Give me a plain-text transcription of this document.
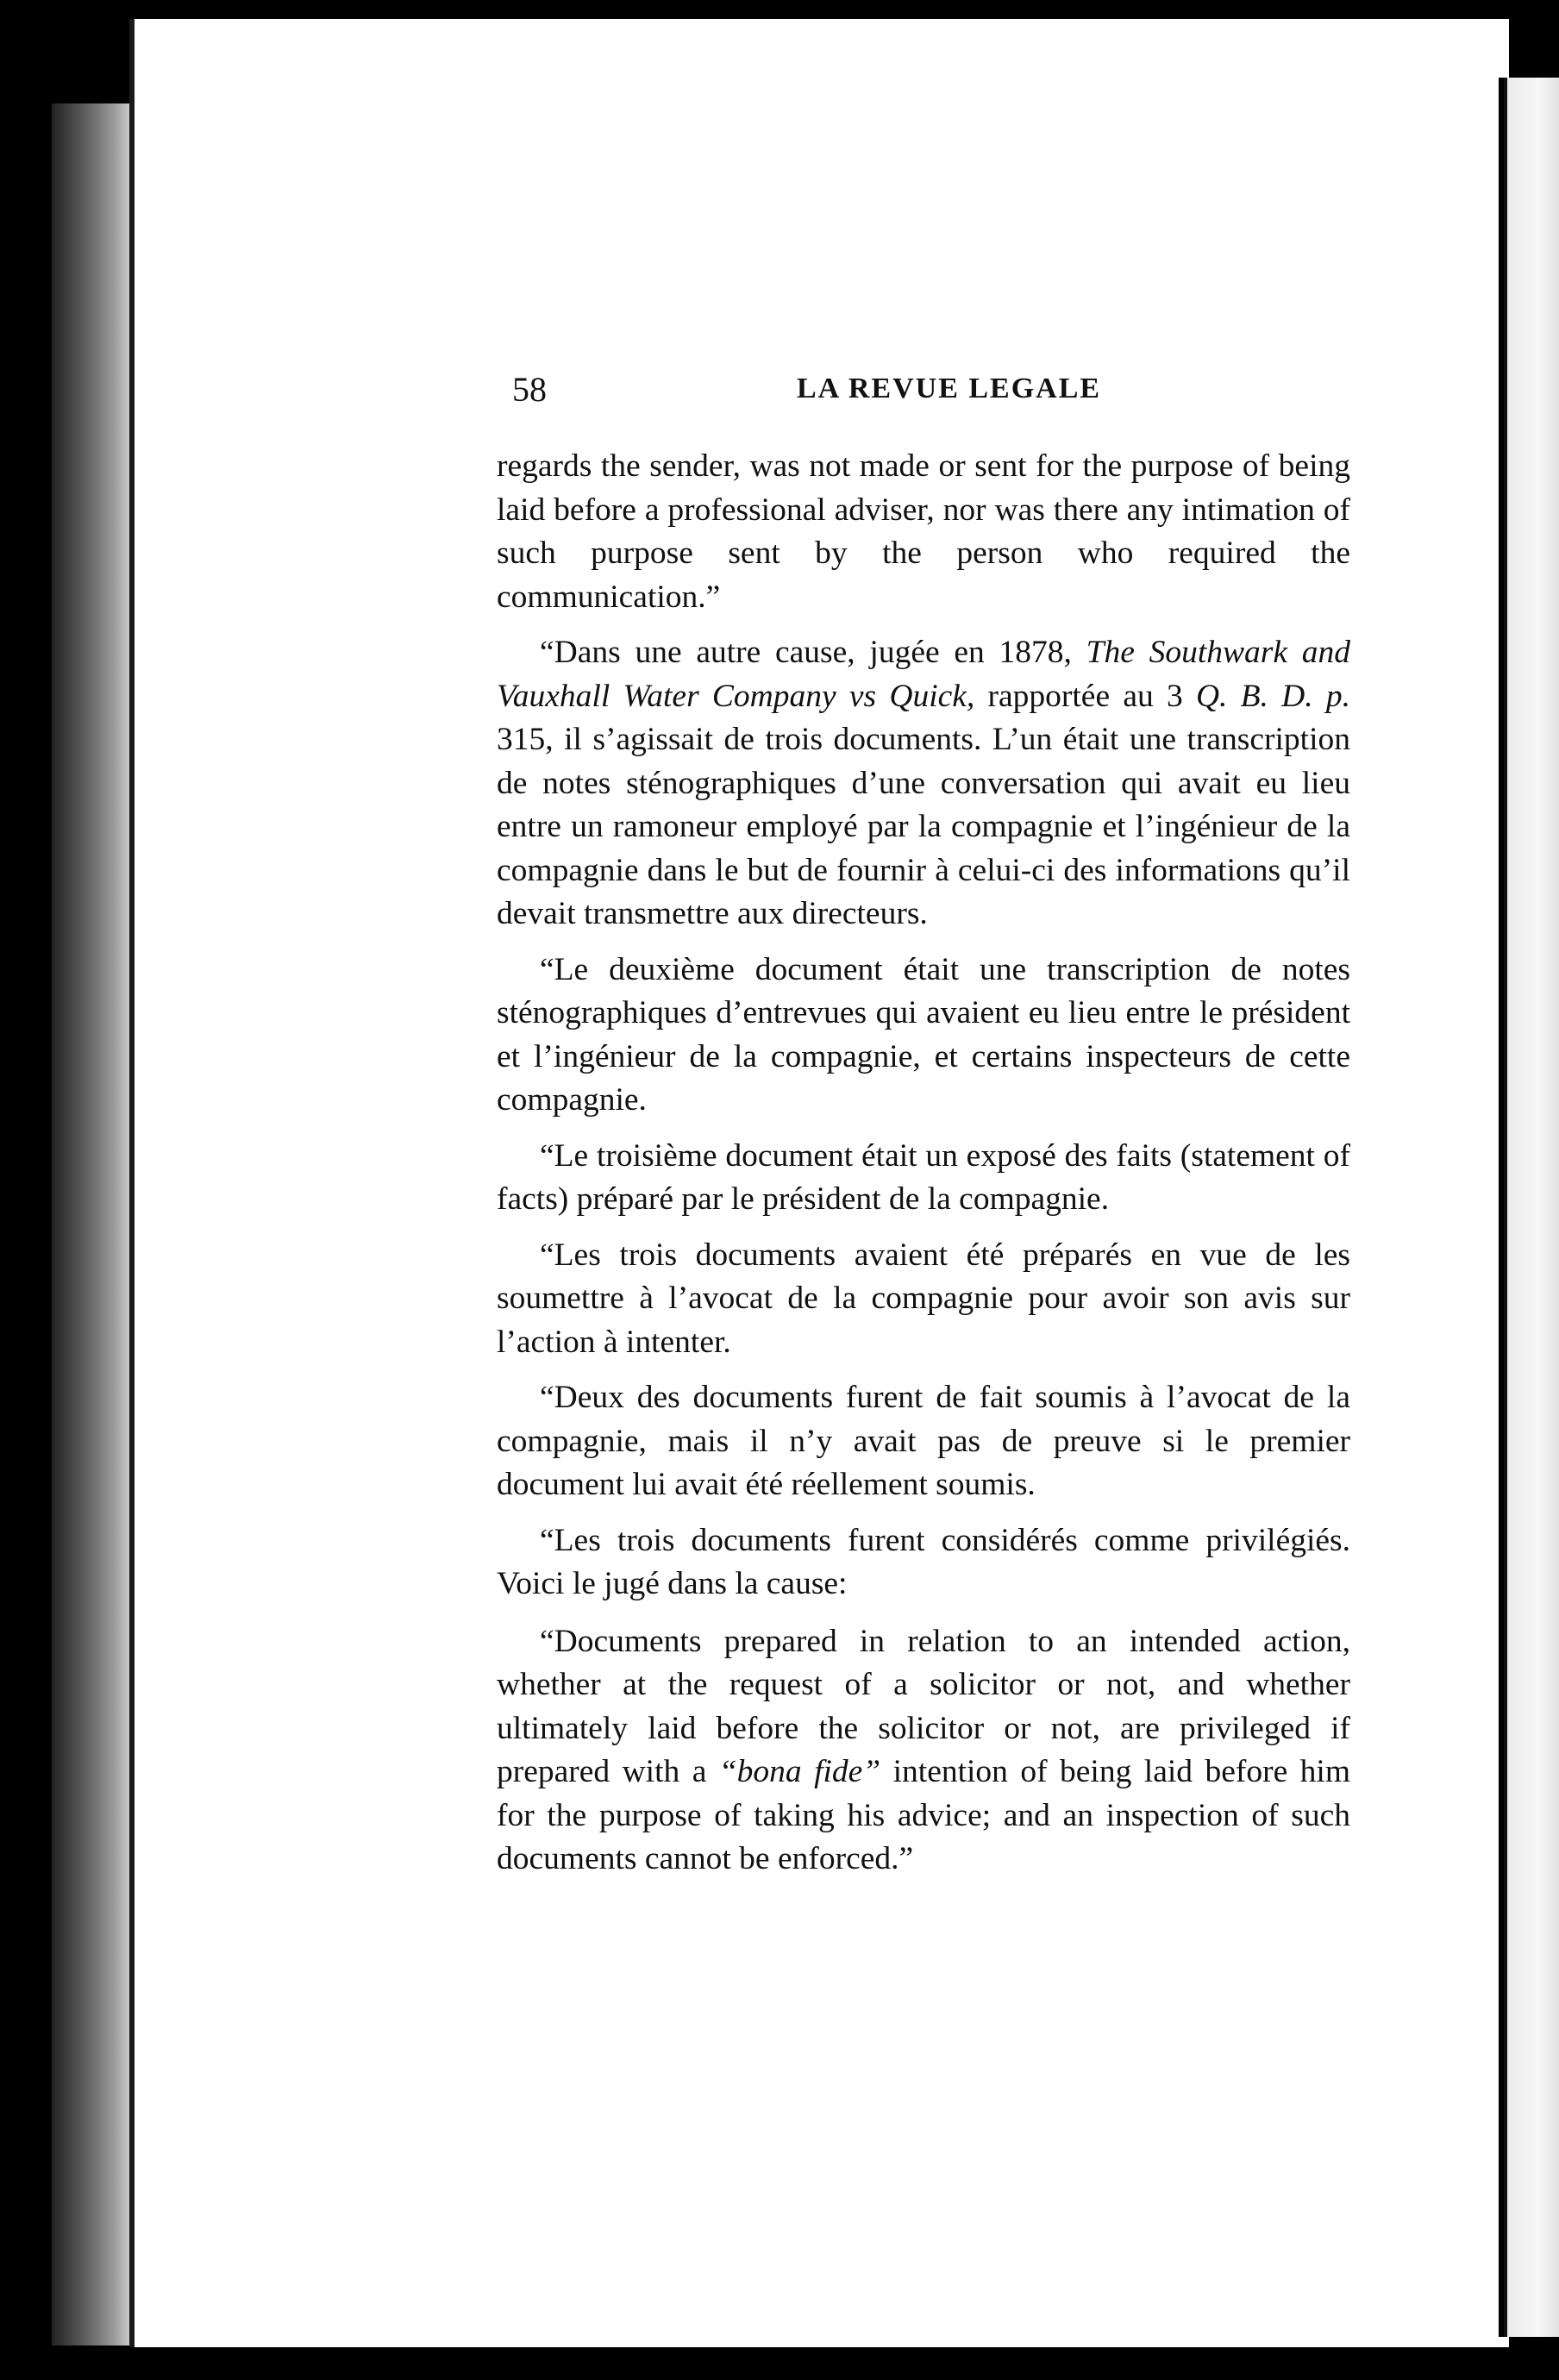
58	LA REVUE LEGALE

regards the sender, was not made or sent for the purpose of being laid before a professional adviser, nor was there any intimation of such purpose sent by the person who required the communication.”

“Dans une autre cause, jugée en 1878, The Southwark and Vauxhall Water Company vs Quick, rapportée au 3 Q. B. D. p. 315, il s’agissait de trois documents. L’un était une transcription de notes sténographiques d’une conversation qui avait eu lieu entre un ramoneur employé par la compagnie et l’ingénieur de la compagnie dans le but de fournir à celui-ci des informations qu’il devait transmettre aux directeurs.

“Le deuxième document était une transcription de notes sténographiques d’entrevues qui avaient eu lieu entre le président et l’ingénieur de la compagnie, et certains inspecteurs de cette compagnie.

“Le troisième document était un exposé des faits (statement of facts) préparé par le président de la compagnie.

“Les trois documents avaient été préparés en vue de les soumettre à l’avocat de la compagnie pour avoir son avis sur l’action à intenter.

“Deux des documents furent de fait soumis à l’avocat de la compagnie, mais il n’y avait pas de preuve si le premier document lui avait été réellement soumis.

“Les trois documents furent considérés comme privilégiés. Voici le jugé dans la cause:

“Documents prepared in relation to an intended action, whether at the request of a solicitor or not, and whether ultimately laid before the solicitor or not, are privileged if prepared with a “bona fide” intention of being laid before him for the purpose of taking his advice; and an inspection of such documents cannot be enforced.”
